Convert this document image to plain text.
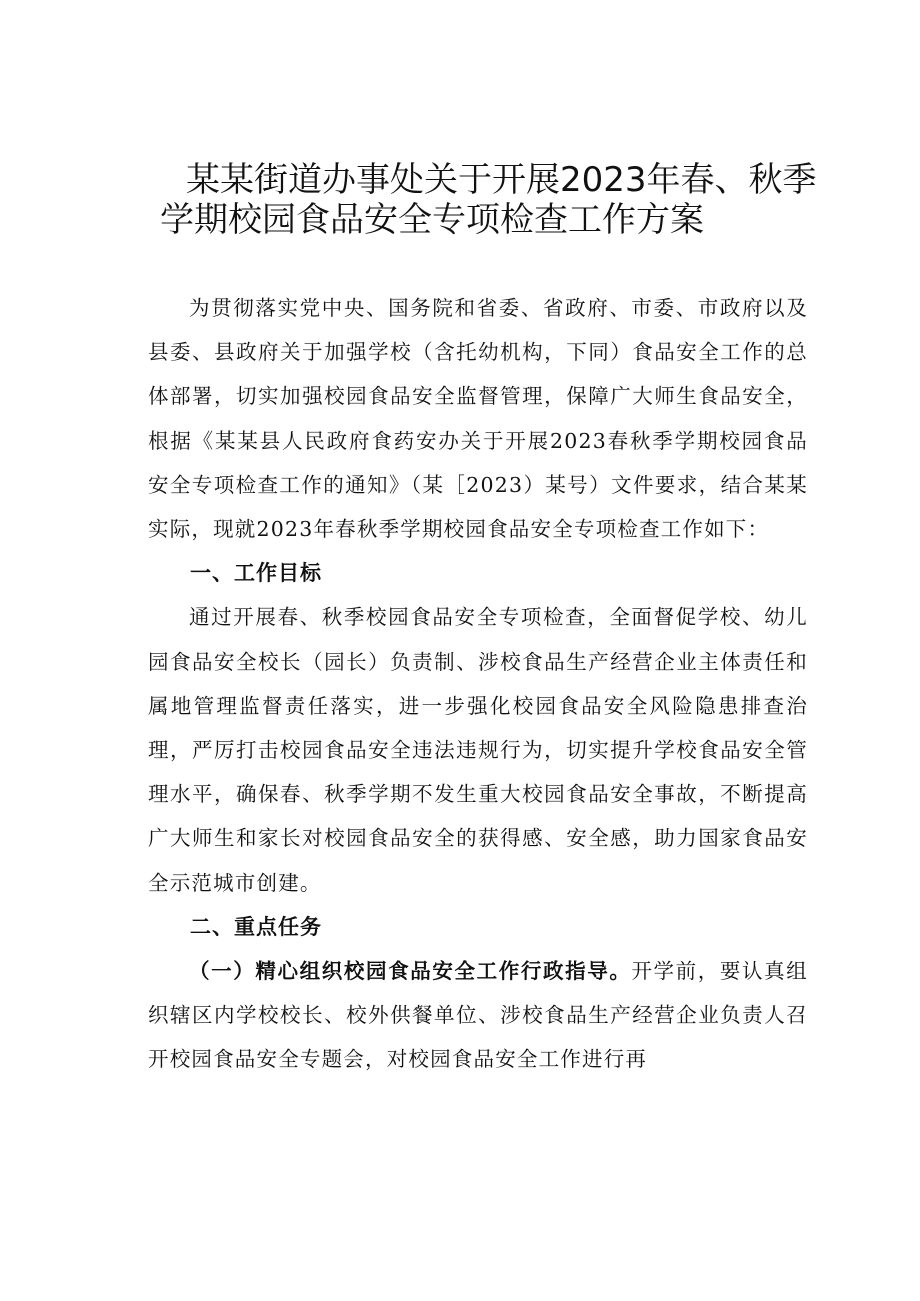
某某街道办事处关于开展2023年春、秋季
学期校园食品安全专项检查工作方案

为贯彻落实党中央、国务院和省委、省政府、市委、市政府以及县委、县政府关于加强学校（含托幼机构，下同）食品安全工作的总体部署，切实加强校园食品安全监督管理，保障广大师生食品安全，根据《某某县人民政府食药安办关于开展2023春秋季学期校园食品安全专项检查工作的通知》（某［2023）某号）文件要求，结合某某实际，现就2023年春秋季学期校园食品安全专项检查工作如下：

一、工作目标

通过开展春、秋季校园食品安全专项检查，全面督促学校、幼儿园食品安全校长（园长）负责制、涉校食品生产经营企业主体责任和属地管理监督责任落实，进一步强化校园食品安全风险隐患排查治理，严厉打击校园食品安全违法违规行为，切实提升学校食品安全管理水平，确保春、秋季学期不发生重大校园食品安全事故，不断提高广大师生和家长对校园食品安全的获得感、安全感，助力国家食品安全示范城市创建。

二、重点任务

（一）精心组织校园食品安全工作行政指导。开学前，要认真组织辖区内学校校长、校外供餐单位、涉校食品生产经营企业负责人召开校园食品安全专题会，对校园食品安全工作进行再
